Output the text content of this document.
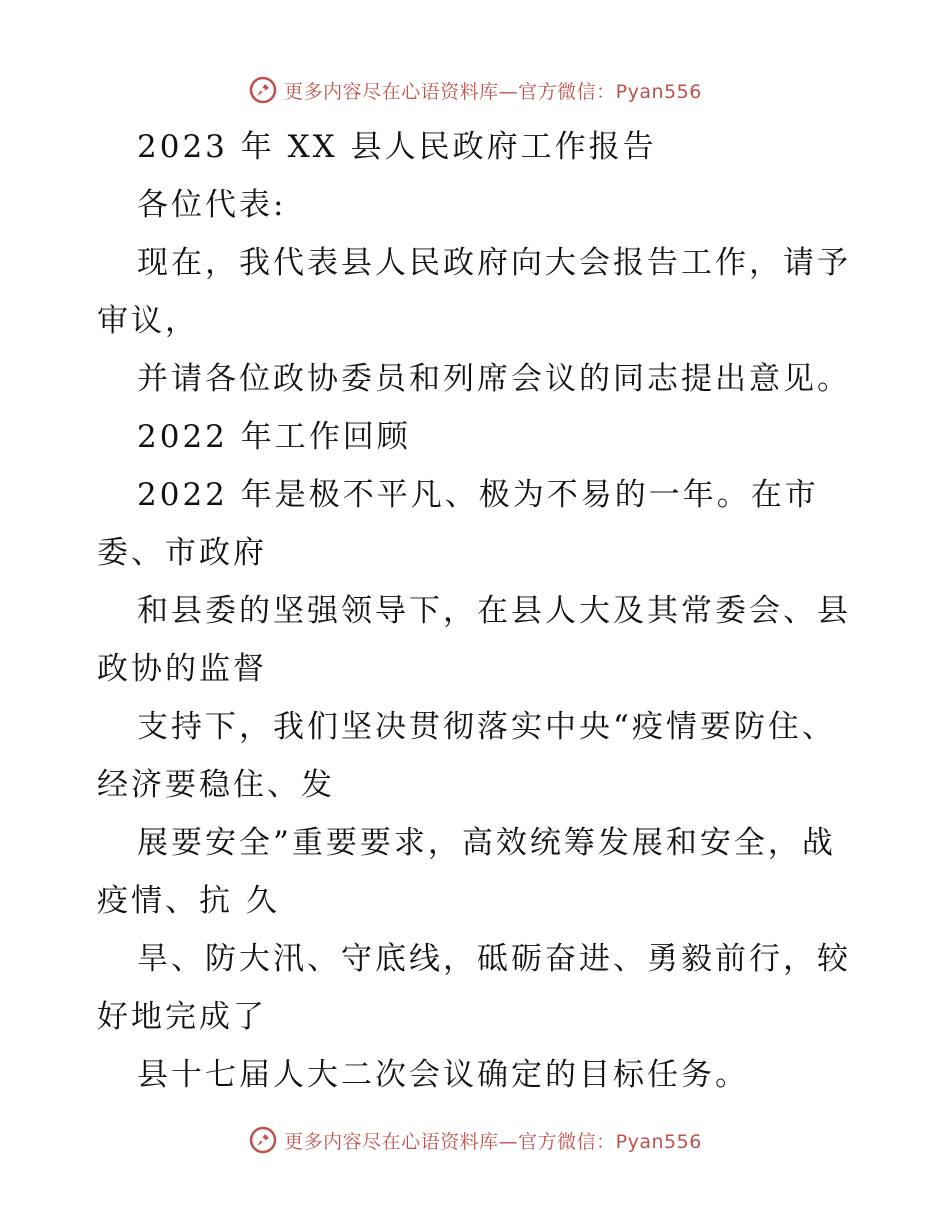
更多内容尽在心语资料库—官方微信：Pyan556

2023 年 XX 县人民政府工作报告

各位代表:

现在，我代表县人民政府向大会报告工作，请予审议，

并请各位政协委员和列席会议的同志提出意见。

2022 年工作回顾

2022 年是极不平凡、极为不易的一年。在市委、市政府

和县委的坚强领导下，在县人大及其常委会、县政协的监督

支持下，我们坚决贯彻落实中央“疫情要防住、经济要稳住、发

展要安全”重要要求，高效统筹发展和安全，战疫情、抗 久

旱、防大汛、守底线，砥砺奋进、勇毅前行，较好地完成了

县十七届人大二次会议确定的目标任务。

更多内容尽在心语资料库—官方微信：Pyan556
